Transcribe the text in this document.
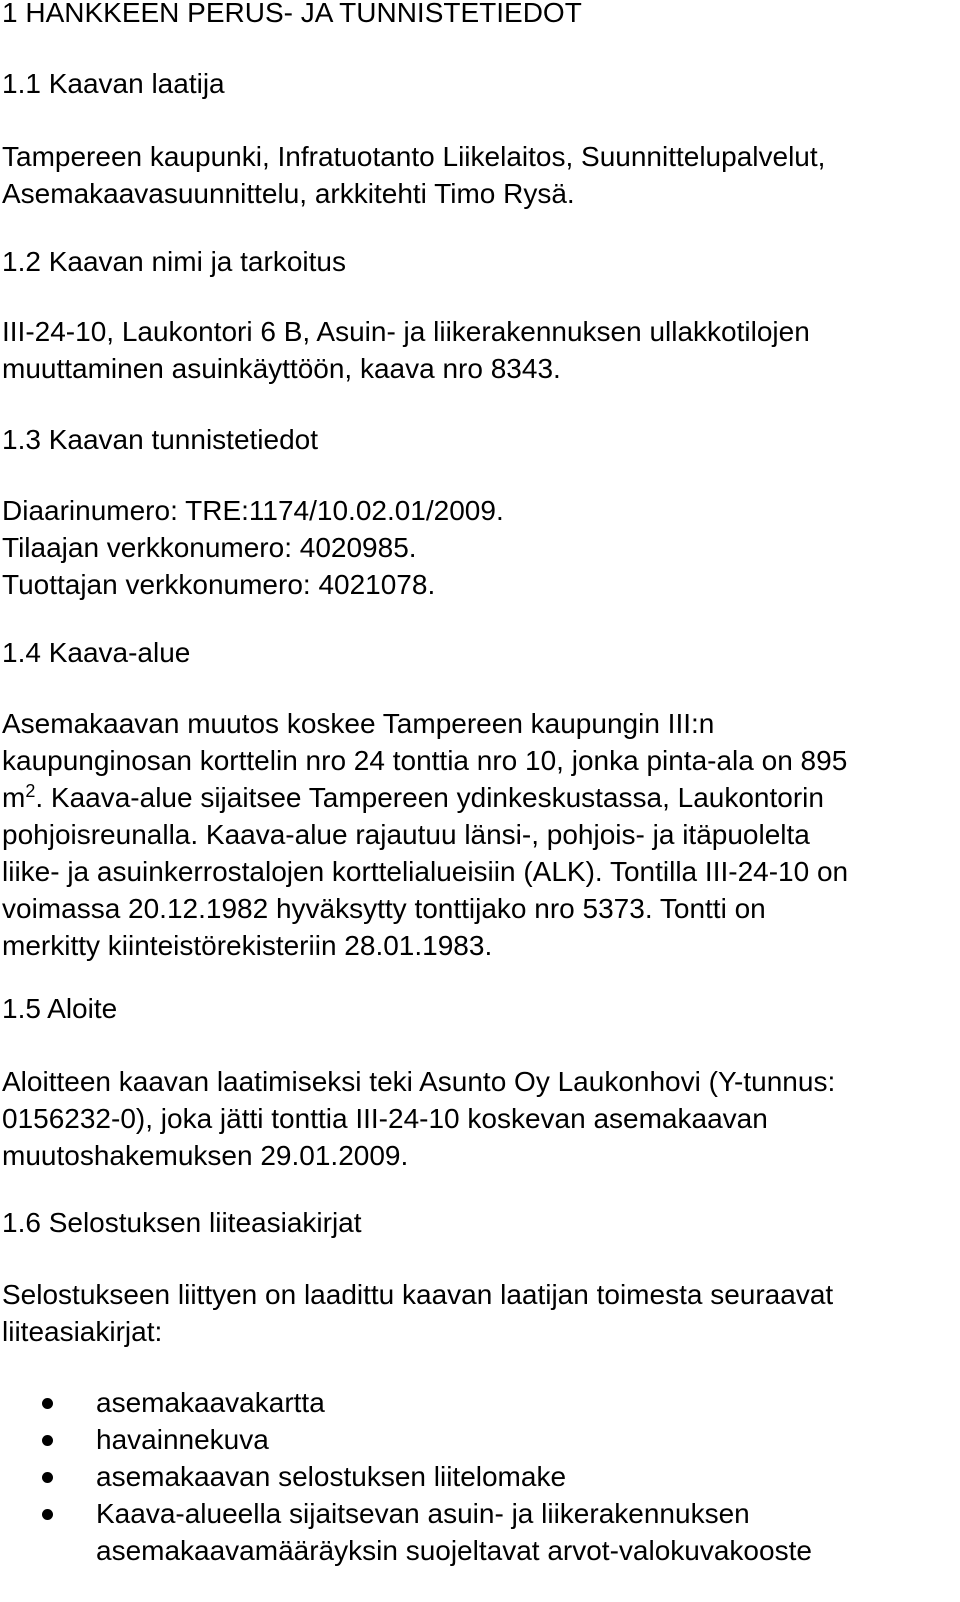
1 HANKKEEN PERUS- JA TUNNISTETIEDOT
1.1 Kaavan laatija

Tampereen kaupunki, Infratuotanto Liikelaitos, Suunnittelupalvelut,

Asemakaavasuunnittelu, arkkitehti Timo Rysä.

1.2 Kaavan nimi ja tarkoitus

III-24-10, Laukontori 6 B, Asuin- ja liikerakennuksen ullakkotilojen

muuttaminen asuinkäyttöön, kaava nro 8343.

1.3 Kaavan tunnistetiedot

Diaarinumero: TRE:1174/10.02.01/2009.

Tilaajan verkkonumero: 4020985.

Tuottajan verkkonumero: 4021078.

1.4 Kaava-alue

Asemakaavan muutos koskee Tampereen kaupungin III:n

kaupunginosan korttelin nro 24 tonttia nro 10, jonka pinta-ala on 895

$m^2$. Kaava-alue sijaitsee Tampereen ydinkeskustassa, Laukontorin

pohjoisreunalla. Kaava-alue rajautuu länsi-, pohjois- ja itäpuolelta

liike- ja asuinkerrostalojen korttelialueisiin (ALK). Tontilla III-24-10 on

voimassa 20.12.1982 hyväksytty tonttijako nro 5373. Tontti on

merkitty kiinteistörekisteriin 28.01.1983.

1.5 Aloite

Aloitteen kaavan laatimiseksi teki Asunto Oy Laukonhovi (Y-tunnus:

0156232-0), joka jätti tonttia III-24-10 koskevan asemakaavan

muutoshakemuksen 29.01.2009.

1.6 Selostuksen liiteasiakirjat

Selostukseen liittyen on laadittu kaavan laatijan toimesta seuraavat

liiteasiakirjat:

asemakaavakartta
havainnekuva
asemakaavan selostuksen liitelomake
Kaava-alueella sijaitsevan asuin- ja liikerakennuksen
asemakaavamääräyksin suojeltavat arvot-valokuvakooste
